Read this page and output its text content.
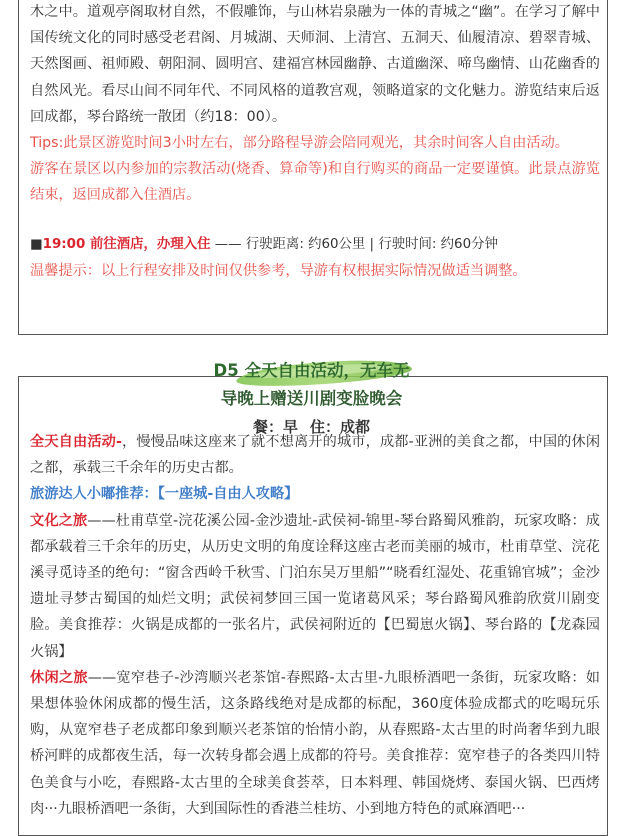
木之中。道观亭阁取材自然，不假雕饰，与山林岩泉融为一体的青城之“幽”。在学习了解中国传统文化的同时感受老君阁、月城湖、天师洞、上清宫、五洞天、仙履清凉、碧翠青城、天然图画、祖师殿、朝阳洞、圆明宫、建福宫林园幽静、古道幽深、啼鸟幽情、山花幽香的自然风光。看尽山间不同年代、不同风格的道教宫观，领略道家的文化魅力。游览结束后返回成都，琴台路统一散团（约18：00）。

Tips:此景区游览时间3小时左右，部分路程导游会陪同观光，其余时间客人自由活动。

游客在景区以内参加的宗教活动(烧香、算命等)和自行购买的商品一定要谨慎。此景点游览结束，返回成都入住酒店。

■19:00 前往酒店，办理入住 —— 行驶距离: 约60公里 | 行驶时间: 约60分钟

温馨提示：以上行程安排及时间仅供参考，导游有权根据实际情况做适当调整。

全天自由活动-，慢慢品味这座来了就不想离开的城市，成都-亚洲的美食之都，中国的休闲之都，承载三千余年的历史古都。

旅游达人小嘟推荐：【一座城-自由人攻略】

文化之旅——杜甫草堂-浣花溪公园-金沙遗址-武侯祠-锦里-琴台路蜀风雅韵，玩家攻略：成都承载着三千余年的历史，从历史文明的角度诠释这座古老而美丽的城市，杜甫草堂、浣花溪寻觅诗圣的绝句：“窗含西岭千秋雪、门泊东吴万里船”“晓看红湿处、花重锦官城”；金沙遗址寻梦古蜀国的灿烂文明；武侯祠梦回三国一览诸葛风采；琴台路蜀风雅韵欣赏川剧变脸。美食推荐：火锅是成都的一张名片，武侯祠附近的【巴蜀崽火锅】、琴台路的【龙森园火锅】

休闲之旅——宽窄巷子-沙湾顺兴老茶馆-春熙路-太古里-九眼桥酒吧一条街，玩家攻略：如果想体验休闲成都的慢生活，这条路线绝对是成都的标配，360度体验成都式的吃喝玩乐购，从宽窄巷子老成都印象到顺兴老茶馆的怡情小韵，从春熙路-太古里的时尚奢华到九眼桥河畔的成都夜生活，每一次转身都会遇上成都的符号。美食推荐：宽窄巷子的各类四川特色美食与小吃，春熙路-太古里的全球美食荟萃，日本料理、韩国烧烤、泰国火锅、巴西烤肉···九眼桥酒吧一条街，大到国际性的香港兰桂坊、小到地方特色的贰麻酒吧···

D5 全天自由活动，无车无
导晚上赠送川剧变脸晚会
餐：早 住：成都
